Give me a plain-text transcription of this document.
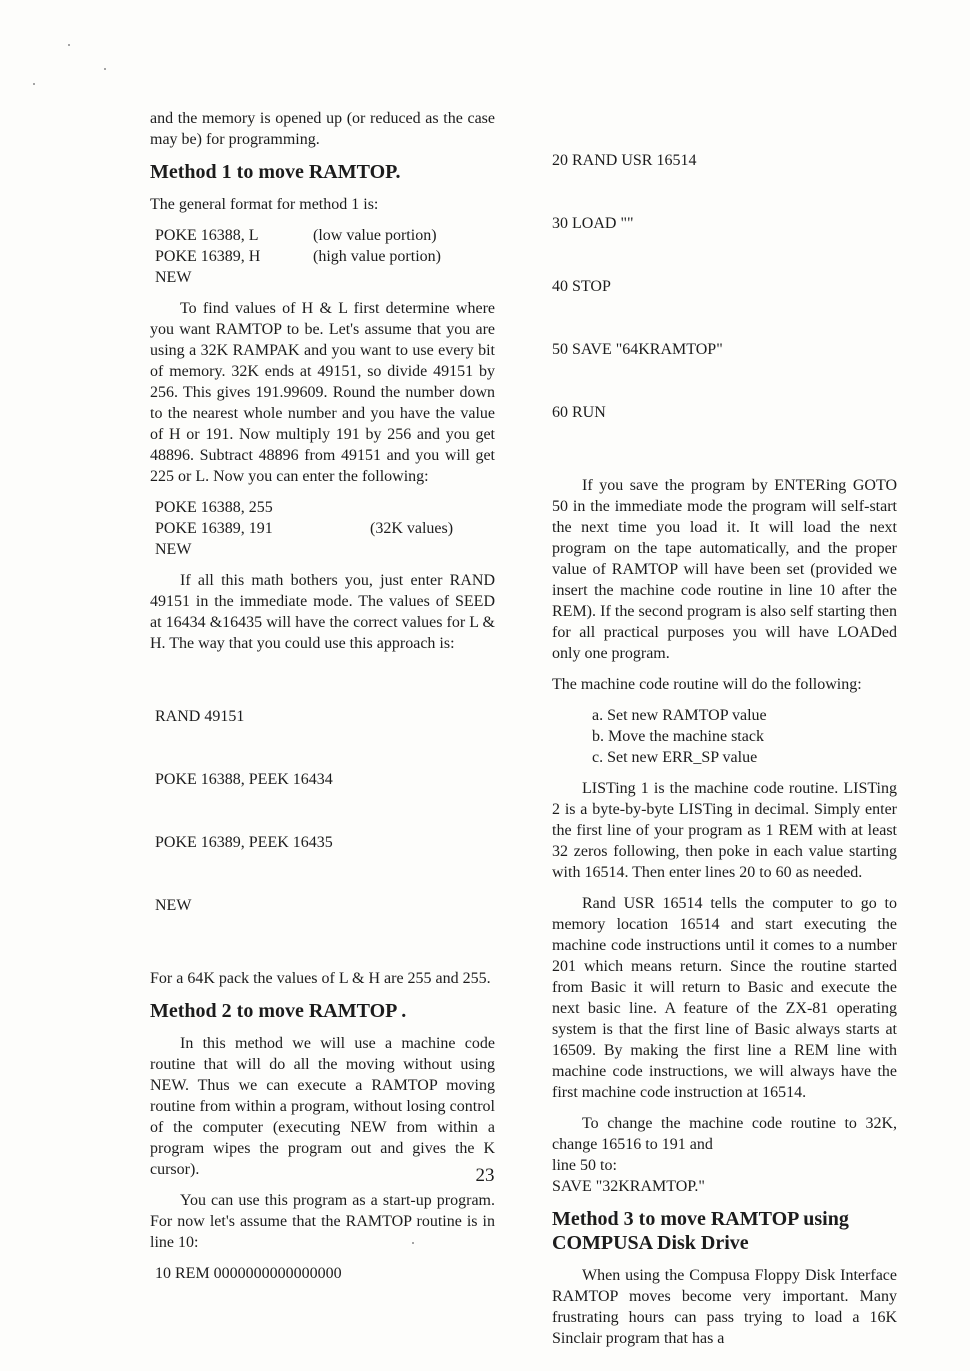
and the memory is opened up (or reduced as the case may be) for programming.

Method 1 to move RAMTOP.

The general format for method 1 is:

POKE 16388, L	(low value portion)
POKE 16389, H	(high value portion)
NEW

To find values of H & L first determine where you want RAMTOP to be. Let's assume that you are using a 32K RAMPAK and you want to use every bit of memory. 32K ends at 49151, so divide 49151 by 256. This gives 191.99609. Round the number down to the nearest whole number and you have the value of H or 191. Now multiply 191 by 256 and you get 48896. Subtract 48896 from 49151 and you will get 225 or L. Now you can enter the following:

POKE 16388, 255
POKE 16389, 191	(32K values)
NEW

If all this math bothers you, just enter RAND 49151 in the immediate mode. The values of SEED at 16434 &16435 will have the correct values for L & H. The way that you could use this approach is:

RAND 49151

POKE 16388, PEEK 16434

POKE 16389, PEEK 16435

NEW

For a 64K pack the values of L & H are 255 and 255.

Method 2 to move RAMTOP .

In this method we will use a machine code routine that will do all the moving without using NEW. Thus we can execute a RAMTOP moving routine from within a program, without losing control of the computer (executing NEW from within a program wipes the program out and gives the K cursor).

You can use this program as a start-up program. For now let's assume that the RAMTOP routine is in line 10:

10 REM 0000000000000000

20 RAND USR 16514

30 LOAD ""

40 STOP

50 SAVE "64KRAMTOP"

60 RUN

If you save the program by ENTERing GOTO 50 in the immediate mode the program will self-start the next time you load it. It will load the next program on the tape automatically, and the proper value of RAMTOP will have been set (provided we insert the machine code routine in line 10 after the REM). If the second program is also self starting then for all practical purposes you will have LOADed only one program.

The machine code routine will do the following:

a. Set new RAMTOP value
b. Move the machine stack
c. Set new ERR_SP value

LISTing 1 is the machine code routine. LISTing 2 is a byte-by-byte LISTing in decimal. Simply enter the first line of your program as 1 REM with at least 32 zeros following, then poke in each value starting with 16514. Then enter lines 20 to 60 as needed.

Rand USR 16514 tells the computer to go to memory location 16514 and start executing the machine code instructions until it comes to a number 201 which means return. Since the routine started from Basic it will return to Basic and execute the next basic line. A feature of the ZX-81 operating system is that the first line of Basic always starts at 16509. By making the first line a REM line with machine code instructions, we will always have the first machine code instruction at 16514.

To change the machine code routine to 32K, change 16516 to 191 and

line 50 to:
SAVE "32KRAMTOP."
Method 3 to move RAMTOP using COMPUSA Disk Drive

When using the Compusa Floppy Disk Interface RAMTOP moves become very important. Many frustrating hours can pass trying to load a 16K Sinclair program that has a

23
